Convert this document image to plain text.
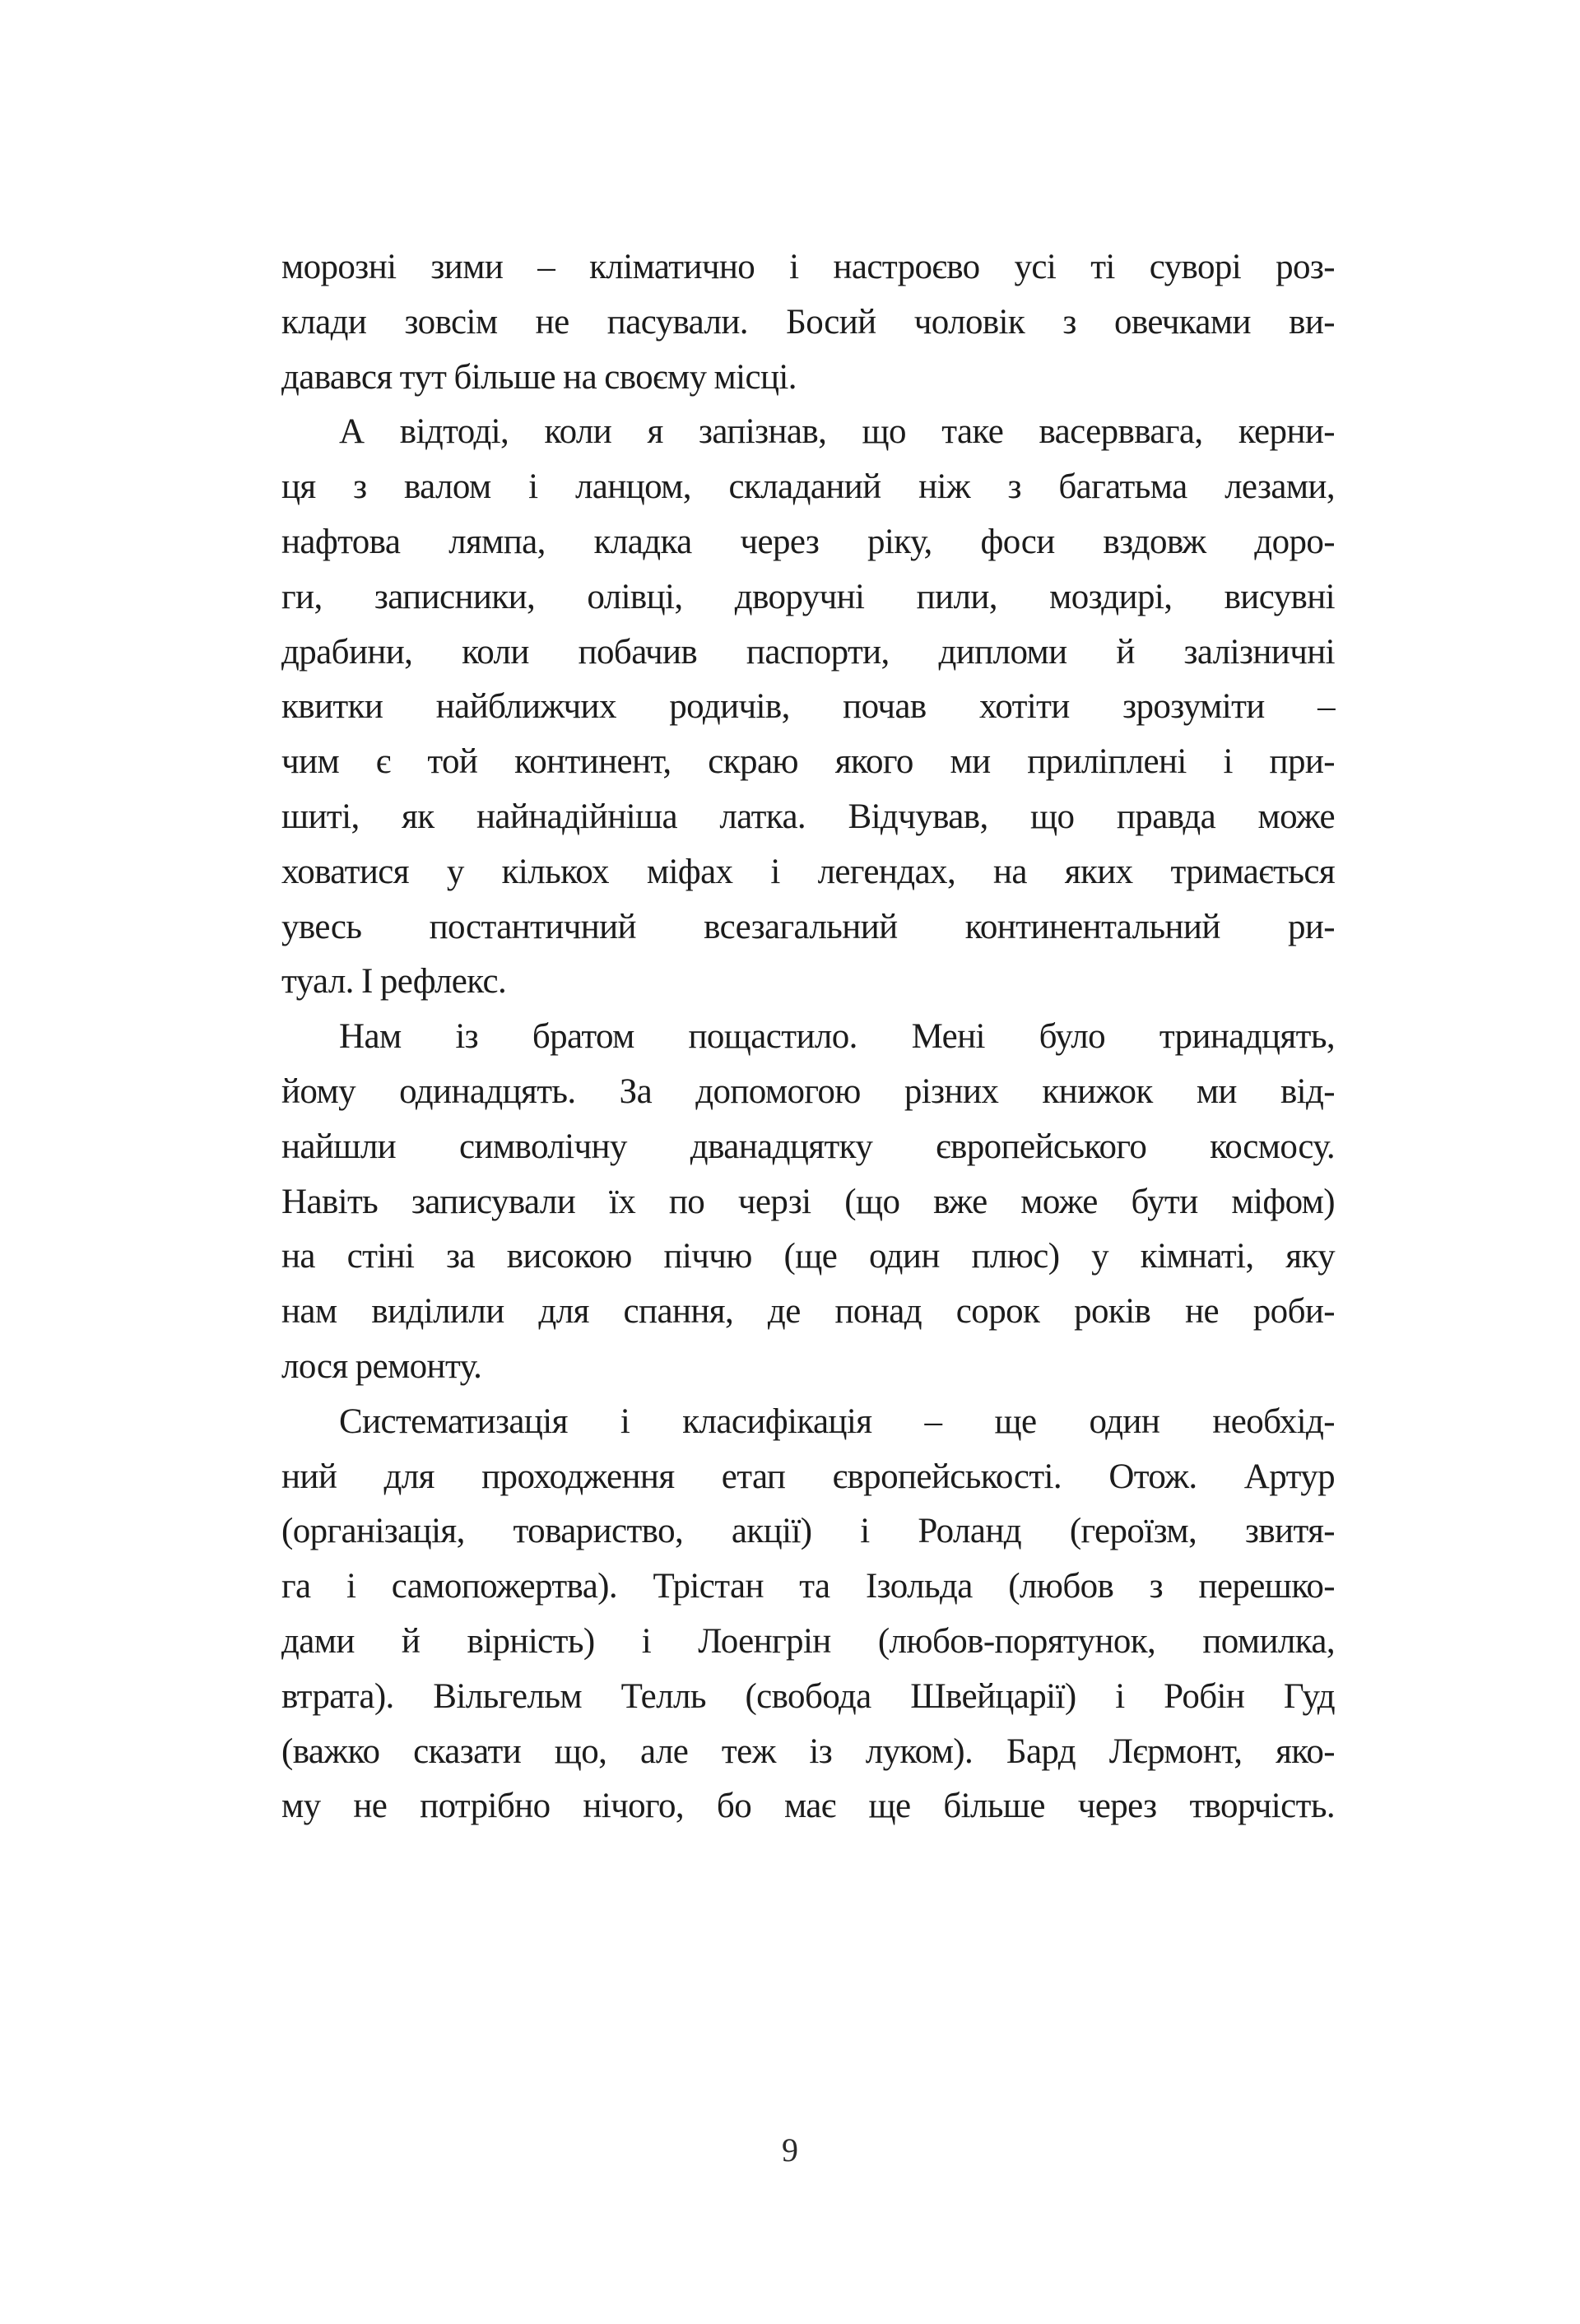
морозні зими – кліматично і настроєво усі ті суворі роз-
клади зовсім не пасували. Босий чоловік з овечками ви-
давався тут більше на своєму місці.
А відтоді, коли я запізнав, що таке васерввага, керни-
ця з валом і ланцом, складаний ніж з багатьма лезами,
нафтова лямпа, кладка через ріку, фоси вздовж доро-
ги, записники, олівці, дворучні пили, моздирі, висувні
драбини, коли побачив паспорти, дипломи й залізничні
квитки найближчих родичів, почав хотіти зрозуміти –
чим є той континент, скраю якого ми приліплені і при-
шиті, як найнадійніша латка. Відчував, що правда може
ховатися у кількох міфах і легендах, на яких тримається
увесь постантичний всезагальний континентальний ри-
туал. І рефлекс.
Нам із братом пощастило. Мені було тринадцять,
йому одинадцять. За допомогою різних книжок ми від-
найшли символічну дванадцятку європейського космосу.
Навіть записували їх по черзі (що вже може бути міфом)
на стіні за високою піччю (ще один плюс) у кімнаті, яку
нам виділили для спання, де понад сорок років не роби-
лося ремонту.
Систематизація і класифікація – ще один необхід-
ний для проходження етап європейськості. Отож. Артур
(організація, товариство, акції) і Роланд (героїзм, звитя-
га і самопожертва). Трістан та Ізольда (любов з перешко-
дами й вірність) і Лоенгрін (любов-порятунок, помилка,
втрата). Вільгельм Телль (свобода Швейцарії) і Робін Гуд
(важко сказати що, але теж із луком). Бард Лєрмонт, яко-
му не потрібно нічого, бо має ще більше через творчість.
9
